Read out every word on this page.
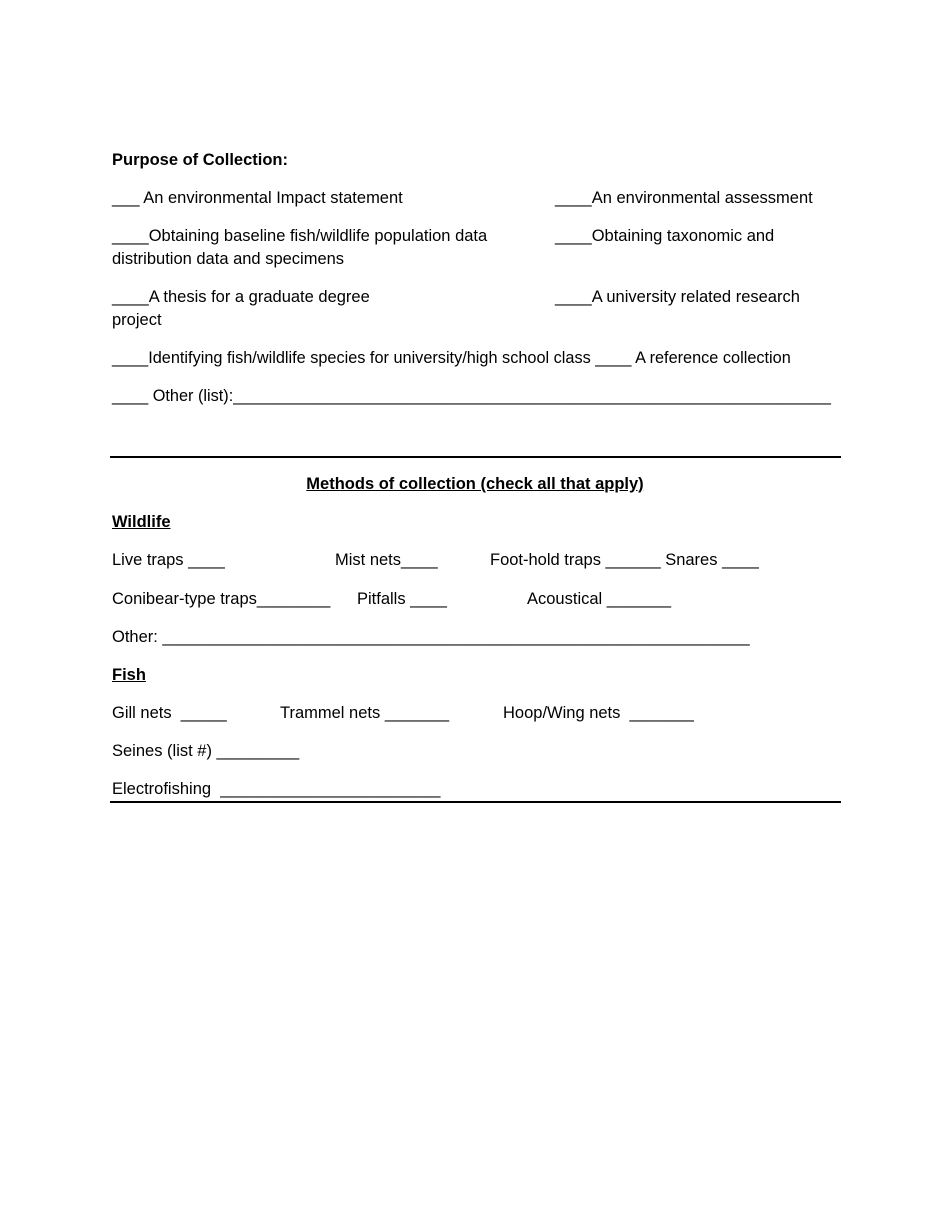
Purpose of Collection:
___ An environmental Impact statement	____An environmental assessment
____Obtaining baseline fish/wildlife population data	____Obtaining taxonomic and
distribution data and specimens
____A thesis for a graduate degree	____A university related research
project
____Identifying fish/wildlife species for university/high school class ____ A reference collection
____ Other (list):__________________________________________________________________
Methods of collection (check all that apply)
Wildlife
Live traps ____	Mist nets____	Foot-hold traps ______ Snares ____
Conibear-type traps________ Pitfalls ____	Acoustical _______
Other: ________________________________________________________________
Fish
Gill nets  _____	Trammel nets _______	Hoop/Wing nets  _______
Seines (list #) _________
Electrofishing  ________________________
